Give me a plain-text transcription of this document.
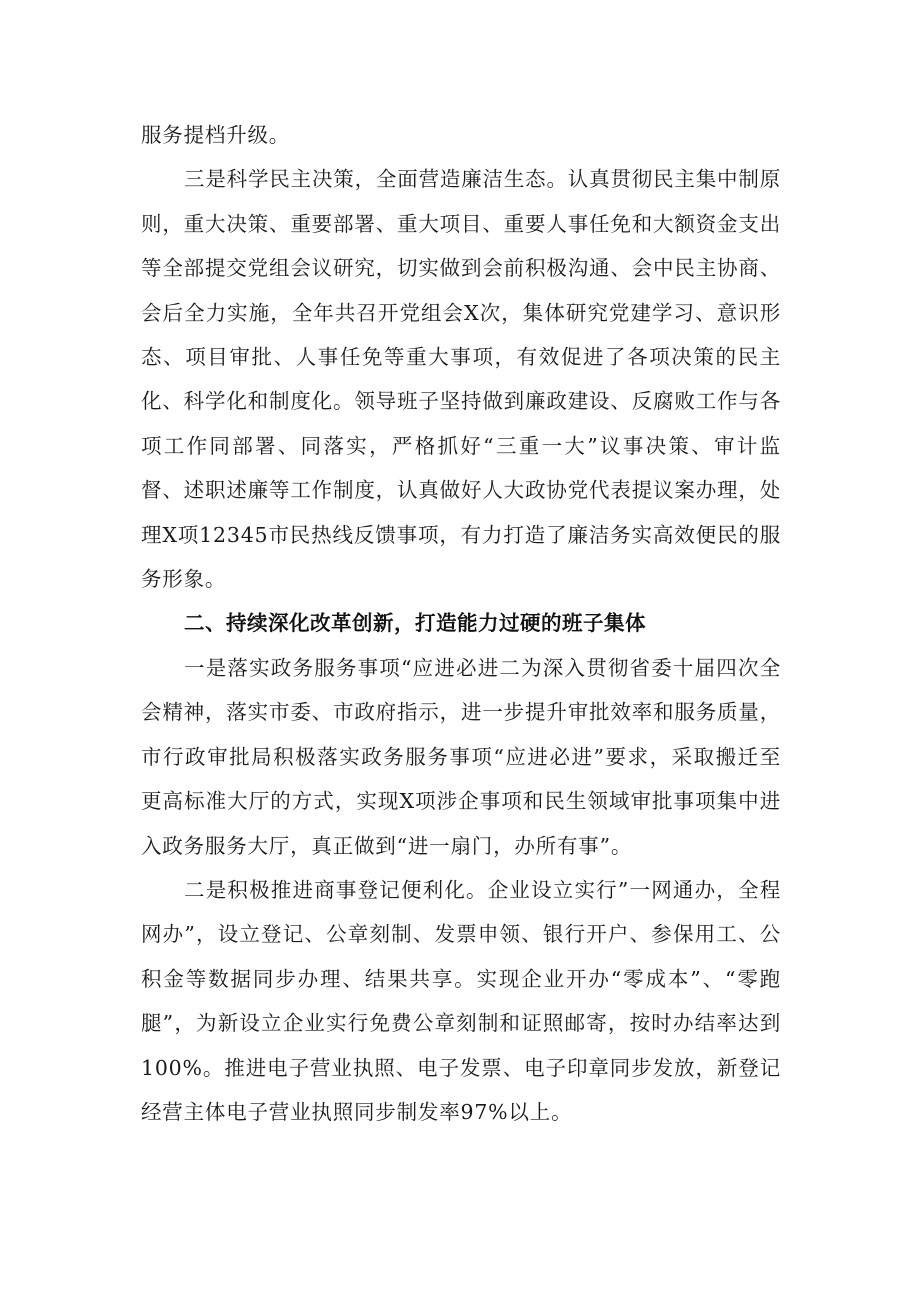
服务提档升级。

三是科学民主决策，全面营造廉洁生态。认真贯彻民主集中制原则，重大决策、重要部署、重大项目、重要人事任免和大额资金支出等全部提交党组会议研究，切实做到会前积极沟通、会中民主协商、会后全力实施，全年共召开党组会X次，集体研究党建学习、意识形态、项目审批、人事任免等重大事项，有效促进了各项决策的民主化、科学化和制度化。领导班子坚持做到廉政建设、反腐败工作与各项工作同部署、同落实，严格抓好“三重一大”议事决策、审计监督、述职述廉等工作制度，认真做好人大政协党代表提议案办理，处理X项12345市民热线反馈事项，有力打造了廉洁务实高效便民的服务形象。

二、持续深化改革创新，打造能力过硬的班子集体

一是落实政务服务事项“应进必进二为深入贯彻省委十届四次全会精神，落实市委、市政府指示，进一步提升审批效率和服务质量，市行政审批局积极落实政务服务事项“应进必进”要求，采取搬迁至更高标准大厅的方式，实现X项涉企事项和民生领域审批事项集中进入政务服务大厅，真正做到“进一扇门，办所有事”。

二是积极推进商事登记便利化。企业设立实行”一网通办，全程网办”，设立登记、公章刻制、发票申领、银行开户、参保用工、公积金等数据同步办理、结果共享。实现企业开办“零成本”、“零跑腿”，为新设立企业实行免费公章刻制和证照邮寄，按时办结率达到100%。推进电子营业执照、电子发票、电子印章同步发放，新登记经营主体电子营业执照同步制发率97%以上。
